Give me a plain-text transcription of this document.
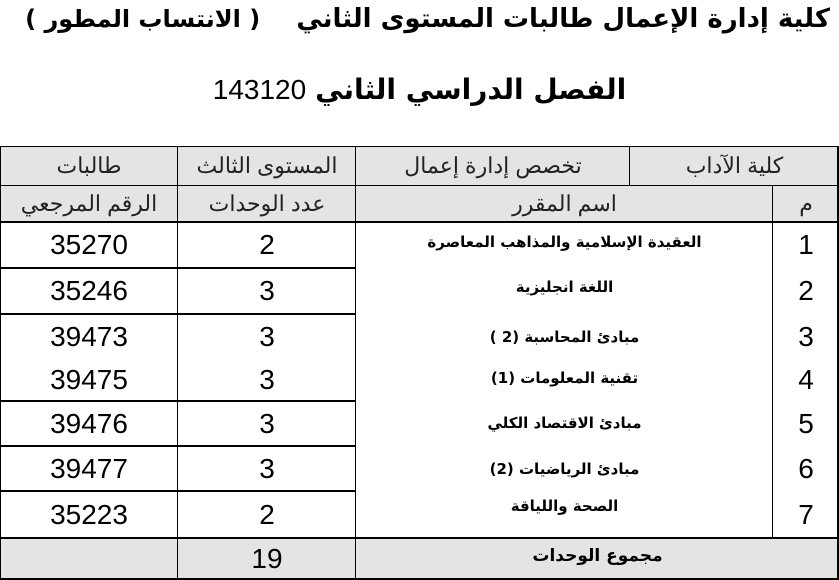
كلية إدارة الإعمال طالبات المستوى الثاني    ( الانتساب المطور )
143120 الفصل الدراسي الثاني
كلية الآداب
تخصص إدارة إعمال
المستوى الثالث
طالبات
م
اسم المقرر
عدد الوحدات
الرقم المرجعي
1
العقيدة الإسلامية والمذاهب المعاصرة
2
35270
2
اللغة انجليزية
3
35246
3
مبادئ المحاسبة (2 )
3
39473
4
تقنية المعلومات (1)
3
39475
5
مبادئ الاقتصاد الكلي
3
39476
6
مبادئ الرياضيات (2)
3
39477
7
الصحة واللياقة
2
35223
مجموع الوحدات
19
